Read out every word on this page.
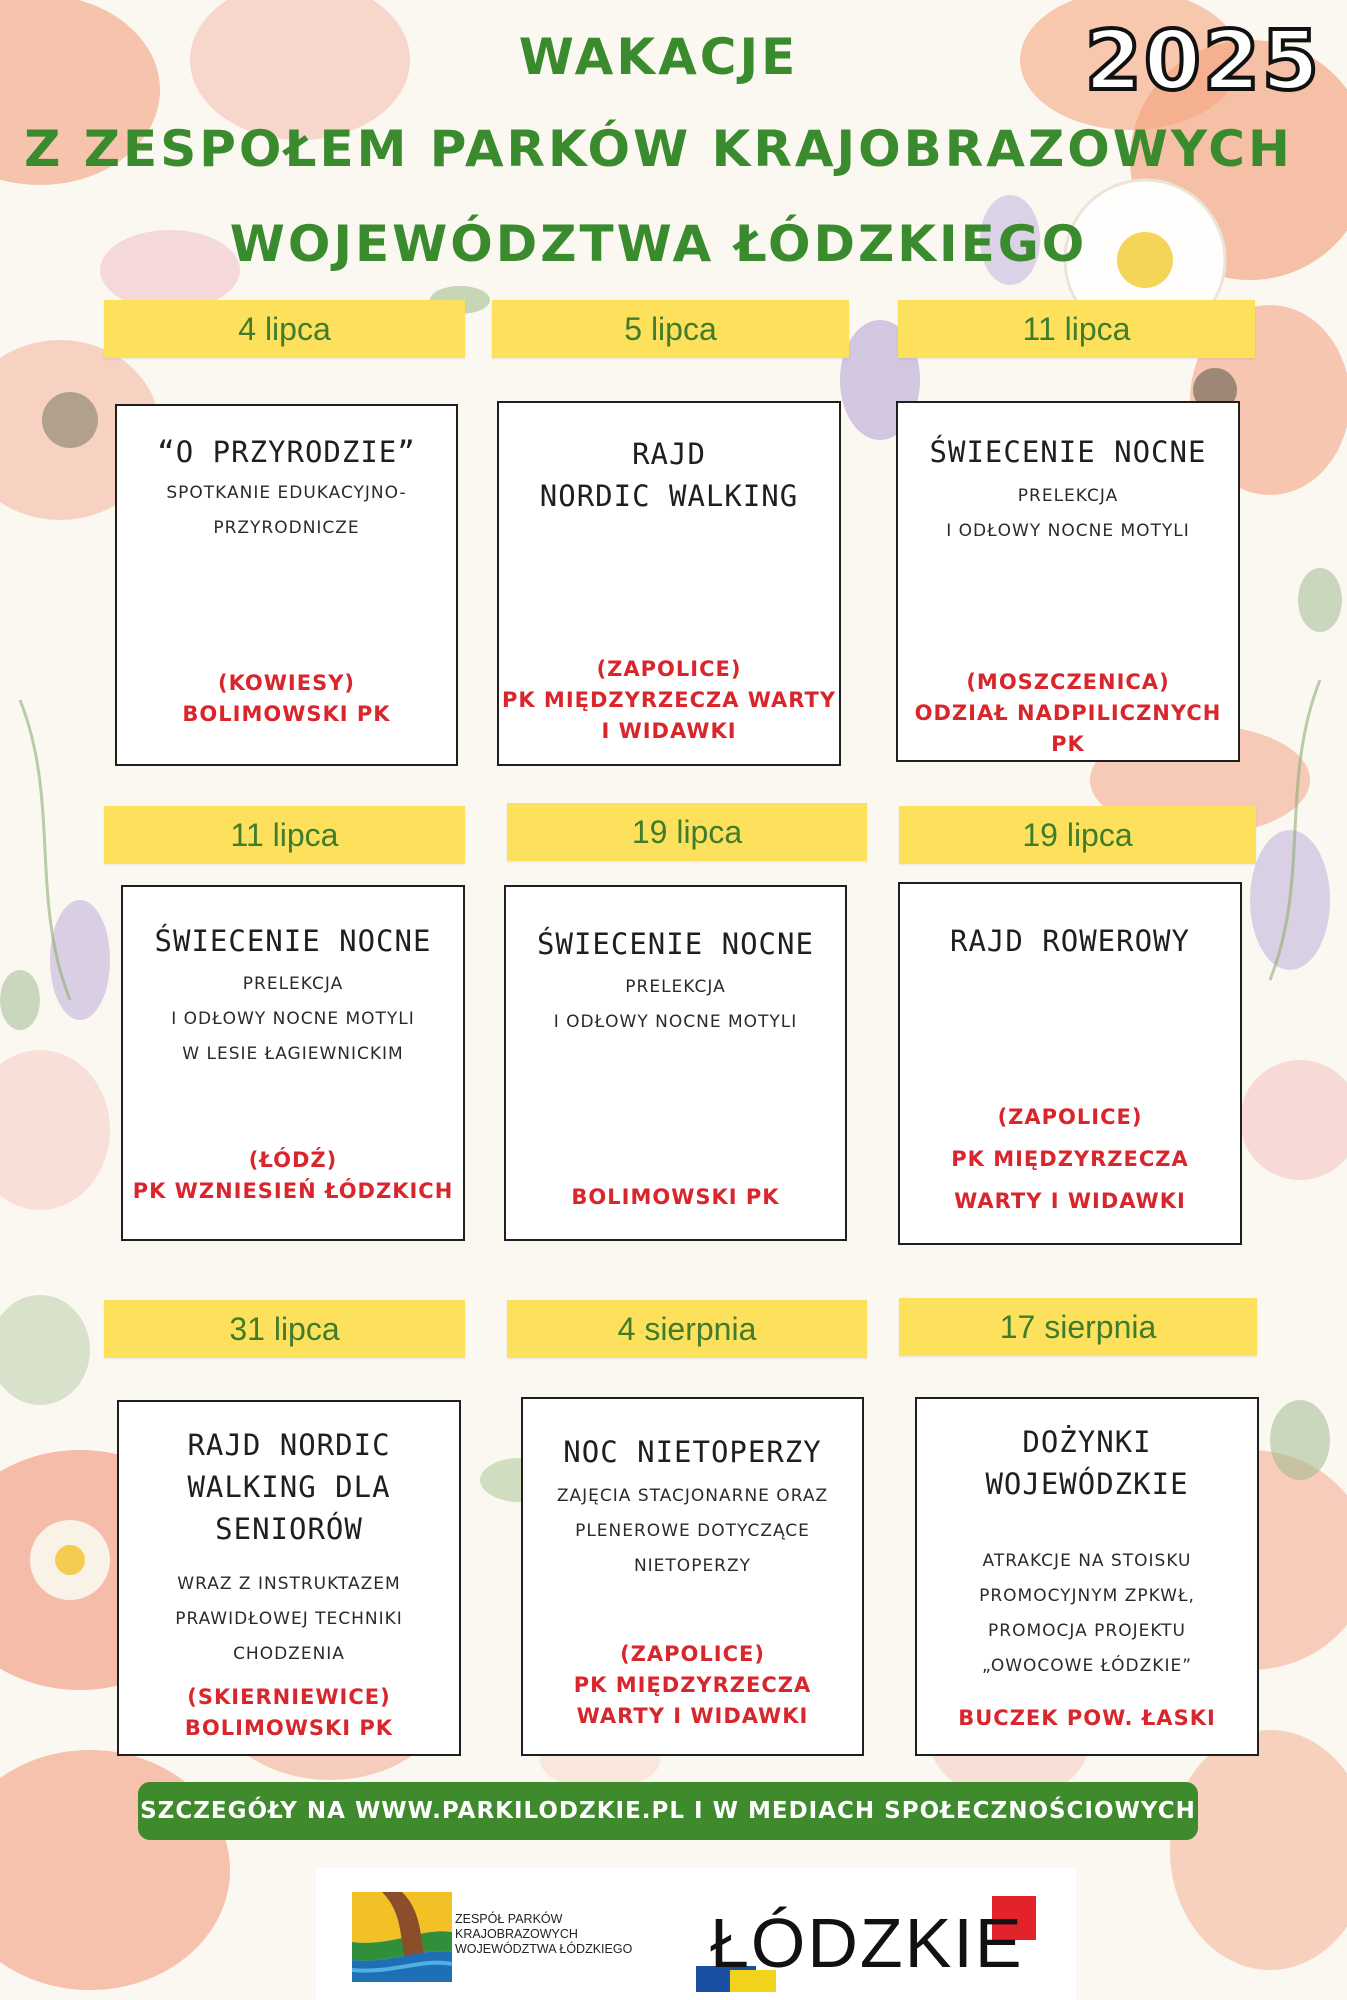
WAKACJE
Z ZESPOŁEM PARKÓW KRAJOBRAZOWYCH
WOJEWÓDZTWA ŁÓDZKIEGO
2025
4 lipca	5 lipca	11 lipca
“O PRZYRODZIE”
SPOTKANIE EDUKACYJNO-
PRZYRODNICZE
(KOWIESY)
BOLIMOWSKI PK
RAJD
NORDIC WALKING
(ZAPOLICE)
PK MIĘDZYRZECZA WARTY
I WIDAWKI
ŚWIECENIE NOCNE
PRELEKCJA
I ODŁOWY NOCNE MOTYLI
(MOSZCZENICA)
ODZIAŁ NADPILICZNYCH PK
11 lipca	19 lipca	19 lipca
ŚWIECENIE NOCNE
PRELEKCJA
I ODŁOWY NOCNE MOTYLI
W LESIE ŁAGIEWNICKIM
(ŁÓDŹ)
PK WZNIESIEŃ ŁÓDZKICH
ŚWIECENIE NOCNE
PRELEKCJA
I ODŁOWY NOCNE MOTYLI
BOLIMOWSKI PK
RAJD ROWEROWY
(ZAPOLICE)
PK MIĘDZYRZECZA
WARTY I WIDAWKI
31 lipca	4 sierpnia	17 sierpnia
RAJD NORDIC
WALKING DLA
SENIORÓW
WRAZ Z INSTRUKTAZEM
PRAWIDŁOWEJ TECHNIKI
CHODZENIA
(SKIERNIEWICE)
BOLIMOWSKI PK
NOC NIETOPERZY
ZAJĘCIA STACJONARNE ORAZ
PLENEROWE DOTYCZĄCE
NIETOPERZY
(ZAPOLICE)
PK MIĘDZYRZECZA
WARTY I WIDAWKI
DOŻYNKI
WOJEWÓDZKIE
ATRAKCJE NA STOISKU
PROMOCYJNYM ZPKWŁ,
PROMOCJA PROJEKTU
„OWOCOWE ŁÓDZKIE”
BUCZEK POW. ŁASKI
SZCZEGÓŁY NA WWW.PARKILODZKIE.PL I W MEDIACH SPOŁECZNOŚCIOWYCH
ZESPÓŁ PARKÓW
KRAJOBRAZOWYCH
WOJEWÓDZTWA ŁÓDZKIEGO	ŁÓDZKIE
